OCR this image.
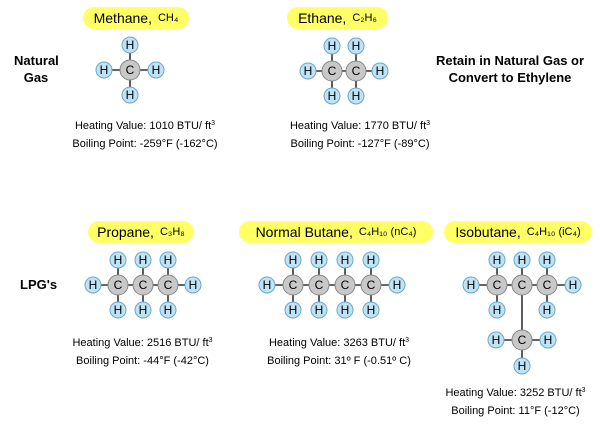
C
H
H
H	H	C C
H
H
H
H
H	H
C C C
H
H
H
H
H
H
H	H	C C C C
H
H
H
H
H
H
H
H
H	H	C C C
C
H
H
H
H H
H
H
H	H
H
Methane, CH₄	Ethane, C₂H₆
Propane, C₃H₈	Normal Butane, C₄H₁₀ (nC₄)	Isobutane, C₄H₁₀ (iC₄)
Natural Gas
Retain in Natural Gas or Convert to Ethylene
LPG's
Heating Value: 1010 BTU/ $ft^3$
Boiling Point: -259°F (-162°C)
Heating Value: 1770 BTU/ $ft^3$
Boiling Point: -127°F (-89°C)
Heating Value: 2516 BTU/ $ft^3$
Boiling Point: -44°F (-42°C)
Heating Value: 3263 BTU/ $ft^3$
Boiling Point: 31º F (-0.51º C)
Heating Value: 3252 BTU/ $ft^3$
Boiling Point: 11°F (-12°C)
